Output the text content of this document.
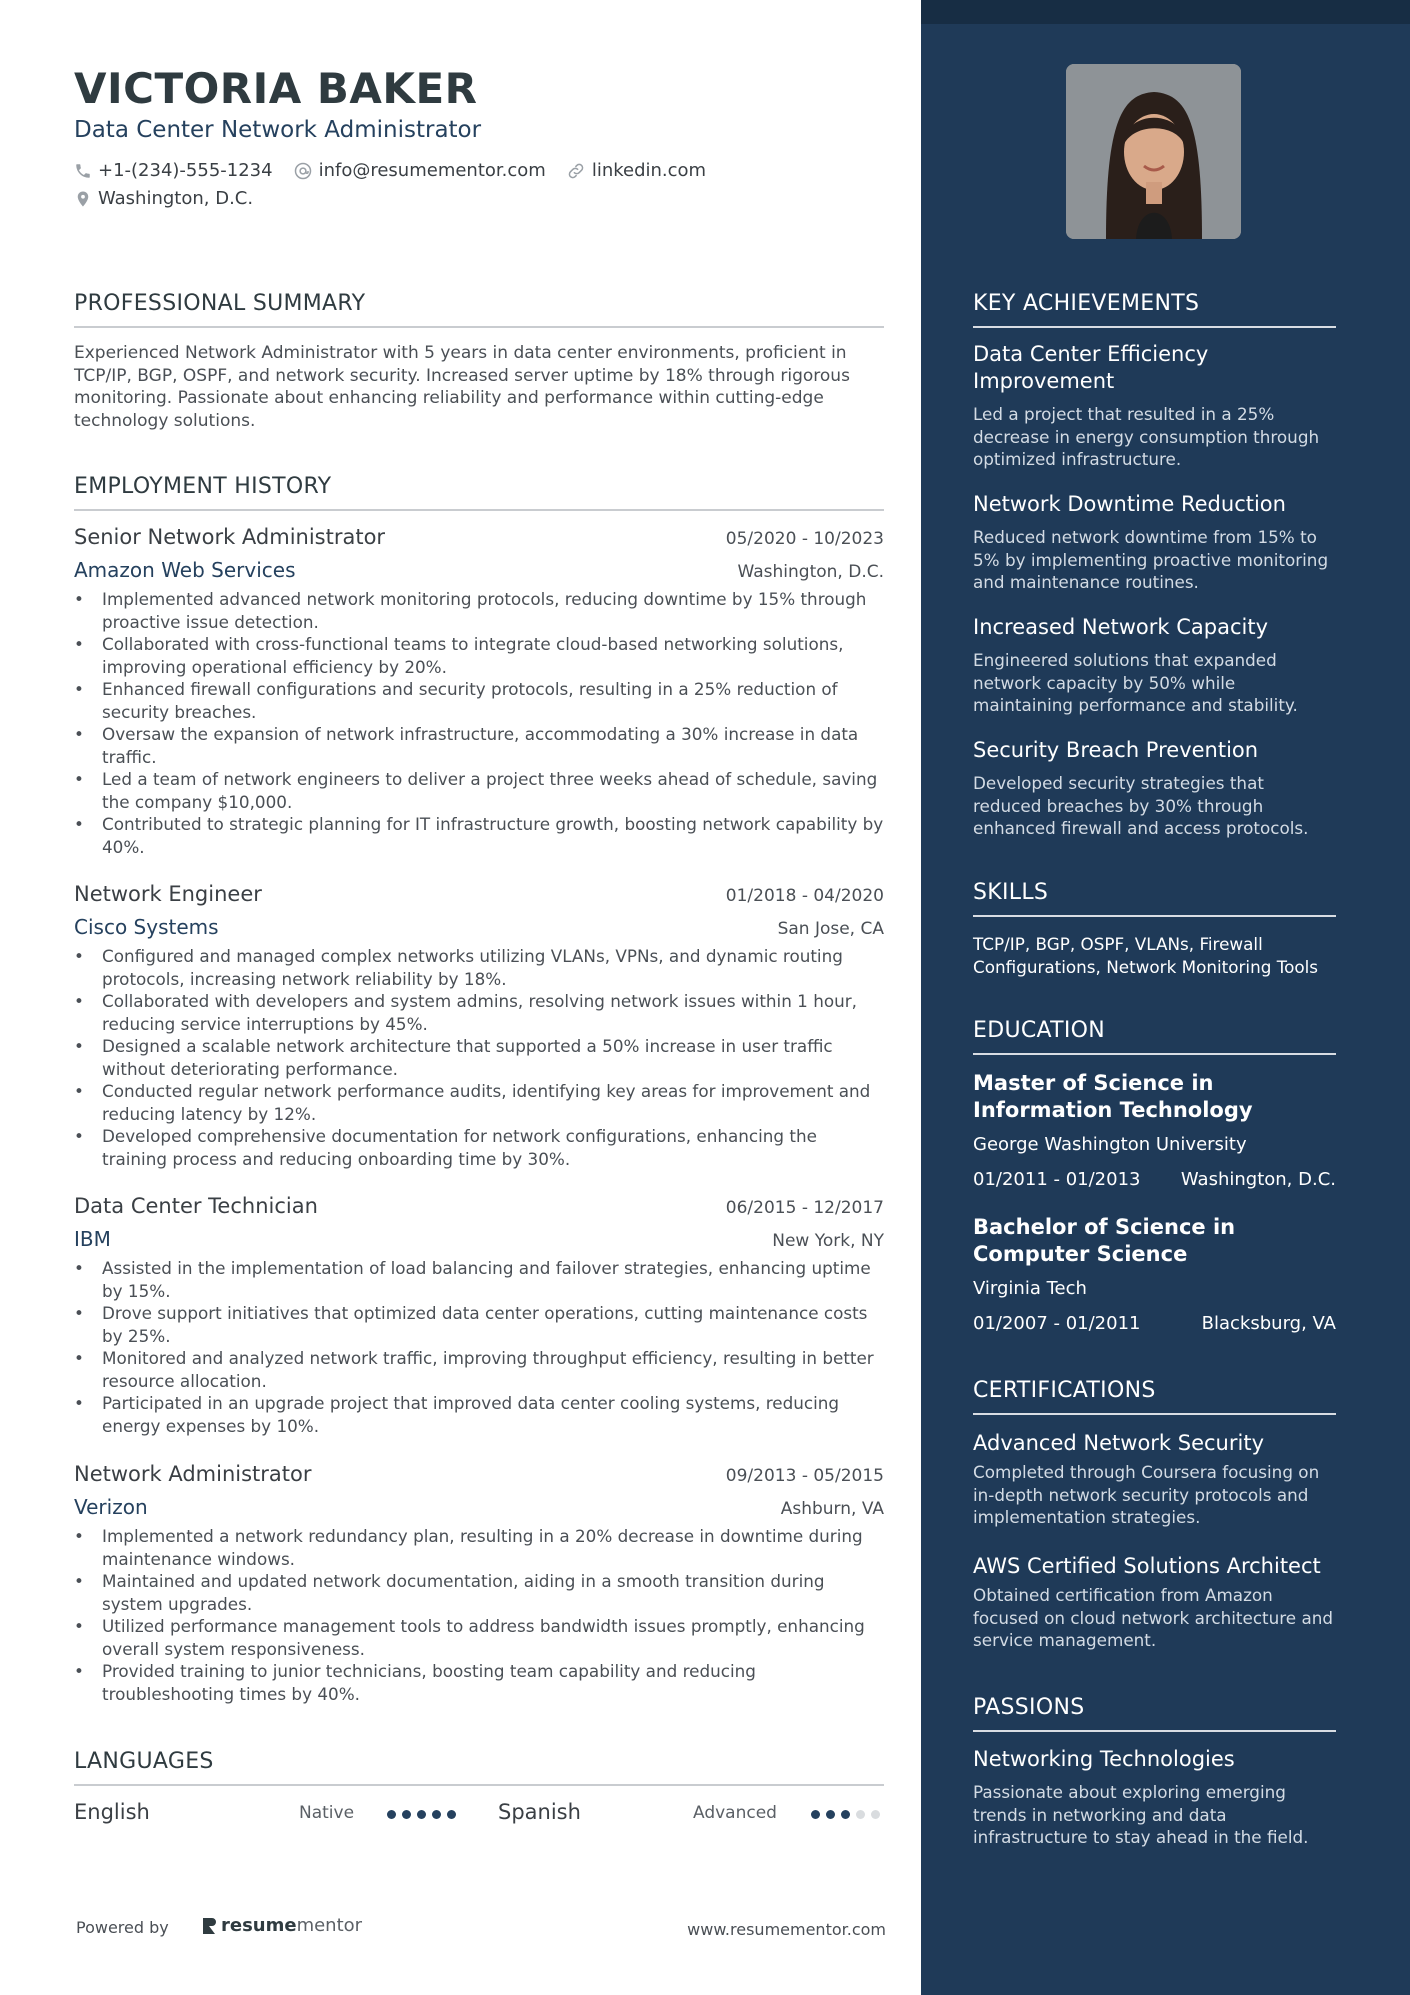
VICTORIA BAKER
Data Center Network Administrator
+1-(234)-555-1234	info@resumementor.com	linkedin.com
Washington, D.C.
PROFESSIONAL SUMMARY
Experienced Network Administrator with 5 years in data center environments, proficient in TCP/IP, BGP, OSPF, and network security. Increased server uptime by 18% through rigorous monitoring. Passionate about enhancing reliability and performance within cutting-edge technology solutions.
EMPLOYMENT HISTORY
Senior Network Administrator	05/2020 - 10/2023
Amazon Web Services	Washington, D.C.
• Implemented advanced network monitoring protocols, reducing downtime by 15% through proactive issue detection.
• Collaborated with cross-functional teams to integrate cloud-based networking solutions, improving operational efficiency by 20%.
• Enhanced firewall configurations and security protocols, resulting in a 25% reduction of security breaches.
• Oversaw the expansion of network infrastructure, accommodating a 30% increase in data traffic.
• Led a team of network engineers to deliver a project three weeks ahead of schedule, saving the company $10,000.
• Contributed to strategic planning for IT infrastructure growth, boosting network capability by 40%.
Network Engineer	01/2018 - 04/2020
Cisco Systems	San Jose, CA
• Configured and managed complex networks utilizing VLANs, VPNs, and dynamic routing protocols, increasing network reliability by 18%.
• Collaborated with developers and system admins, resolving network issues within 1 hour, reducing service interruptions by 45%.
• Designed a scalable network architecture that supported a 50% increase in user traffic without deteriorating performance.
• Conducted regular network performance audits, identifying key areas for improvement and reducing latency by 12%.
• Developed comprehensive documentation for network configurations, enhancing the training process and reducing onboarding time by 30%.
Data Center Technician	06/2015 - 12/2017
IBM	New York, NY
• Assisted in the implementation of load balancing and failover strategies, enhancing uptime by 15%.
• Drove support initiatives that optimized data center operations, cutting maintenance costs by 25%.
• Monitored and analyzed network traffic, improving throughput efficiency, resulting in better resource allocation.
• Participated in an upgrade project that improved data center cooling systems, reducing energy expenses by 10%.
Network Administrator	09/2013 - 05/2015
Verizon	Ashburn, VA
• Implemented a network redundancy plan, resulting in a 20% decrease in downtime during maintenance windows.
• Maintained and updated network documentation, aiding in a smooth transition during system upgrades.
• Utilized performance management tools to address bandwidth issues promptly, enhancing overall system responsiveness.
• Provided training to junior technicians, boosting team capability and reducing troubleshooting times by 40%.
LANGUAGES
English	Native	Spanish	Advanced
Powered by	resume mentor	www.resumementor.com
KEY ACHIEVEMENTS
Data Center Efficiency Improvement
Led a project that resulted in a 25% decrease in energy consumption through optimized infrastructure.
Network Downtime Reduction
Reduced network downtime from 15% to 5% by implementing proactive monitoring and maintenance routines.
Increased Network Capacity
Engineered solutions that expanded network capacity by 50% while maintaining performance and stability.
Security Breach Prevention
Developed security strategies that reduced breaches by 30% through enhanced firewall and access protocols.
SKILLS
TCP/IP, BGP, OSPF, VLANs, Firewall Configurations, Network Monitoring Tools
EDUCATION
Master of Science in Information Technology
George Washington University
01/2011 - 01/2013 Washington, D.C.
Bachelor of Science in Computer Science
Virginia Tech
01/2007 - 01/2011	Blacksburg, VA
CERTIFICATIONS
Advanced Network Security
Completed through Coursera focusing on in-depth network security protocols and implementation strategies.
AWS Certified Solutions Architect
Obtained certification from Amazon focused on cloud network architecture and service management.
PASSIONS
Networking Technologies
Passionate about exploring emerging trends in networking and data infrastructure to stay ahead in the field.
